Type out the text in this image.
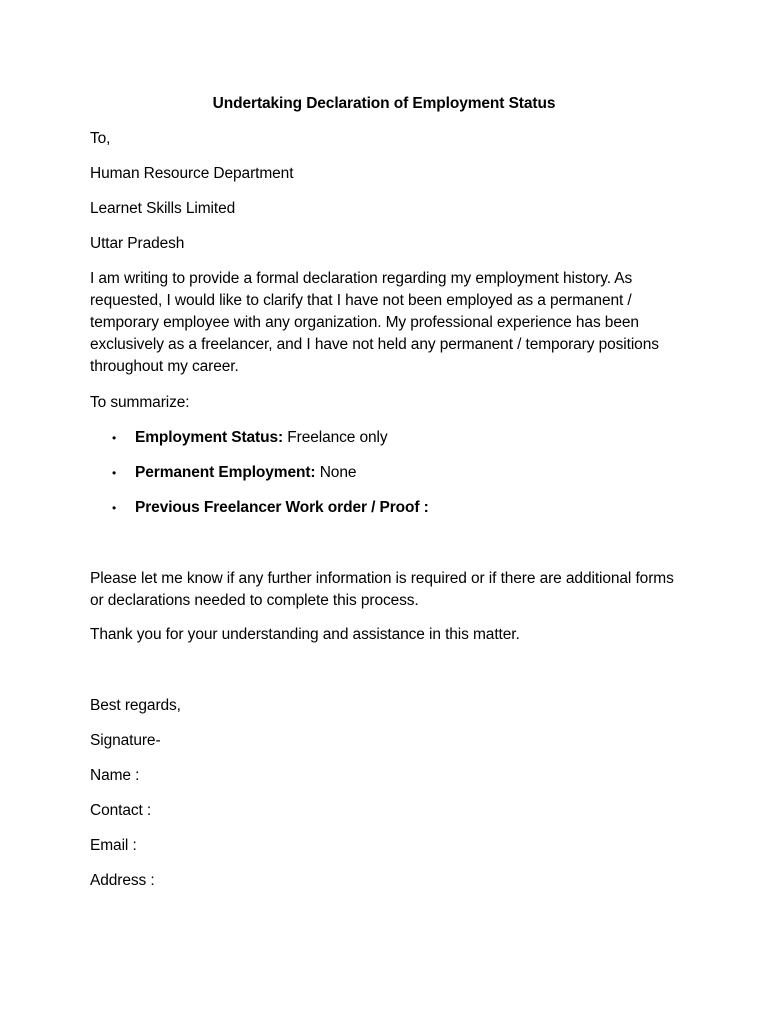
Undertaking Declaration of Employment Status

To,

Human Resource Department

Learnet Skills Limited

Uttar Pradesh

I am writing to provide a formal declaration regarding my employment history. As requested, I would like to clarify that I have not been employed as a permanent / temporary employee with any organization. My professional experience has been exclusively as a freelancer, and I have not held any permanent / temporary positions throughout my career.

To summarize:

• Employment Status: Freelance only
• Permanent Employment: None
• Previous Freelancer Work order / Proof :

Please let me know if any further information is required or if there are additional forms or declarations needed to complete this process.

Thank you for your understanding and assistance in this matter.

Best regards,

Signature-

Name :

Contact :

Email :

Address :
